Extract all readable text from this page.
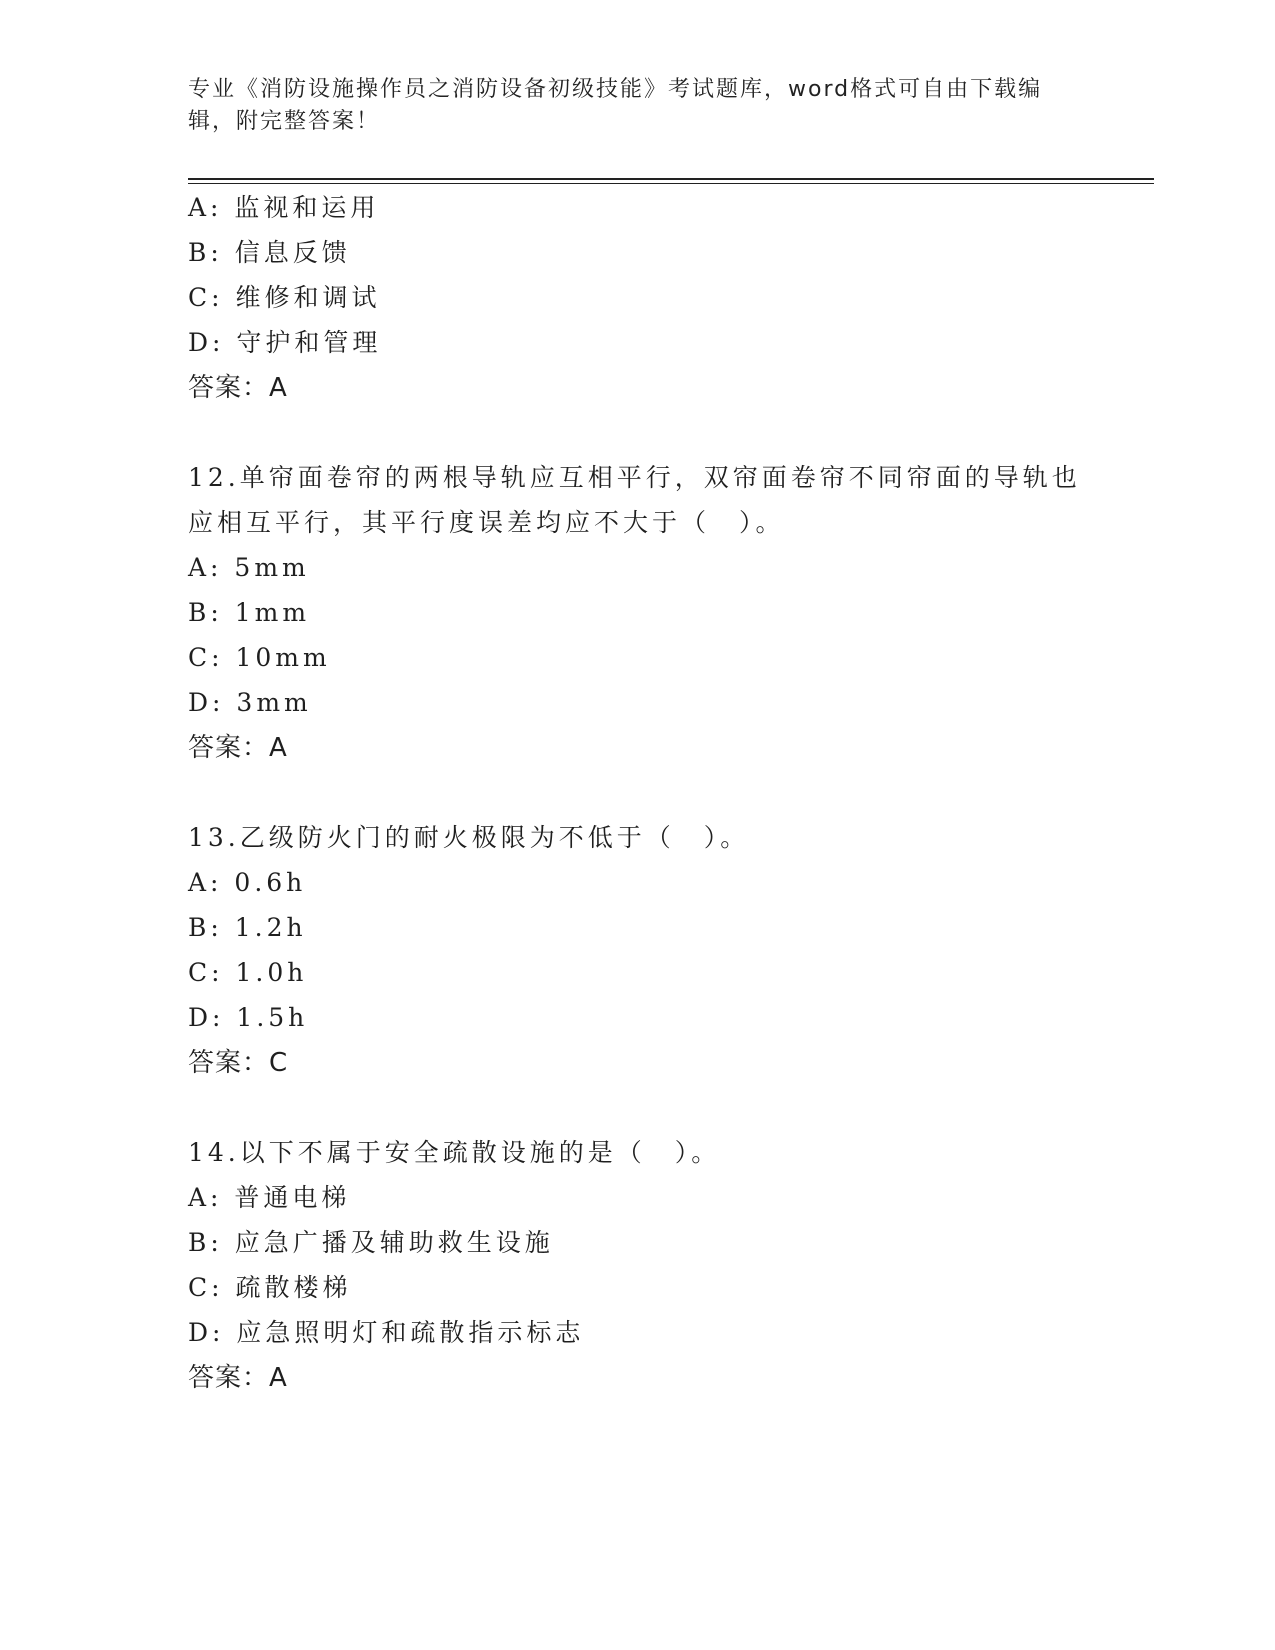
专业《消防设施操作员之消防设备初级技能》考试题库，word格式可自由下载编
辑，附完整答案！
A: 监视和运用
B: 信息反馈
C: 维修和调试
D: 守护和管理
答案：A
12.单帘面卷帘的两根导轨应互相平行，双帘面卷帘不同帘面的导轨也
应相互平行，其平行度误差均应不大于（　）。
A: 5mm
B: 1mm
C: 10mm
D: 3mm
答案：A
13.乙级防火门的耐火极限为不低于（　）。
A: 0.6h
B: 1.2h
C: 1.0h
D: 1.5h
答案：C
14.以下不属于安全疏散设施的是（　）。
A: 普通电梯
B: 应急广播及辅助救生设施
C: 疏散楼梯
D: 应急照明灯和疏散指示标志
答案：A
